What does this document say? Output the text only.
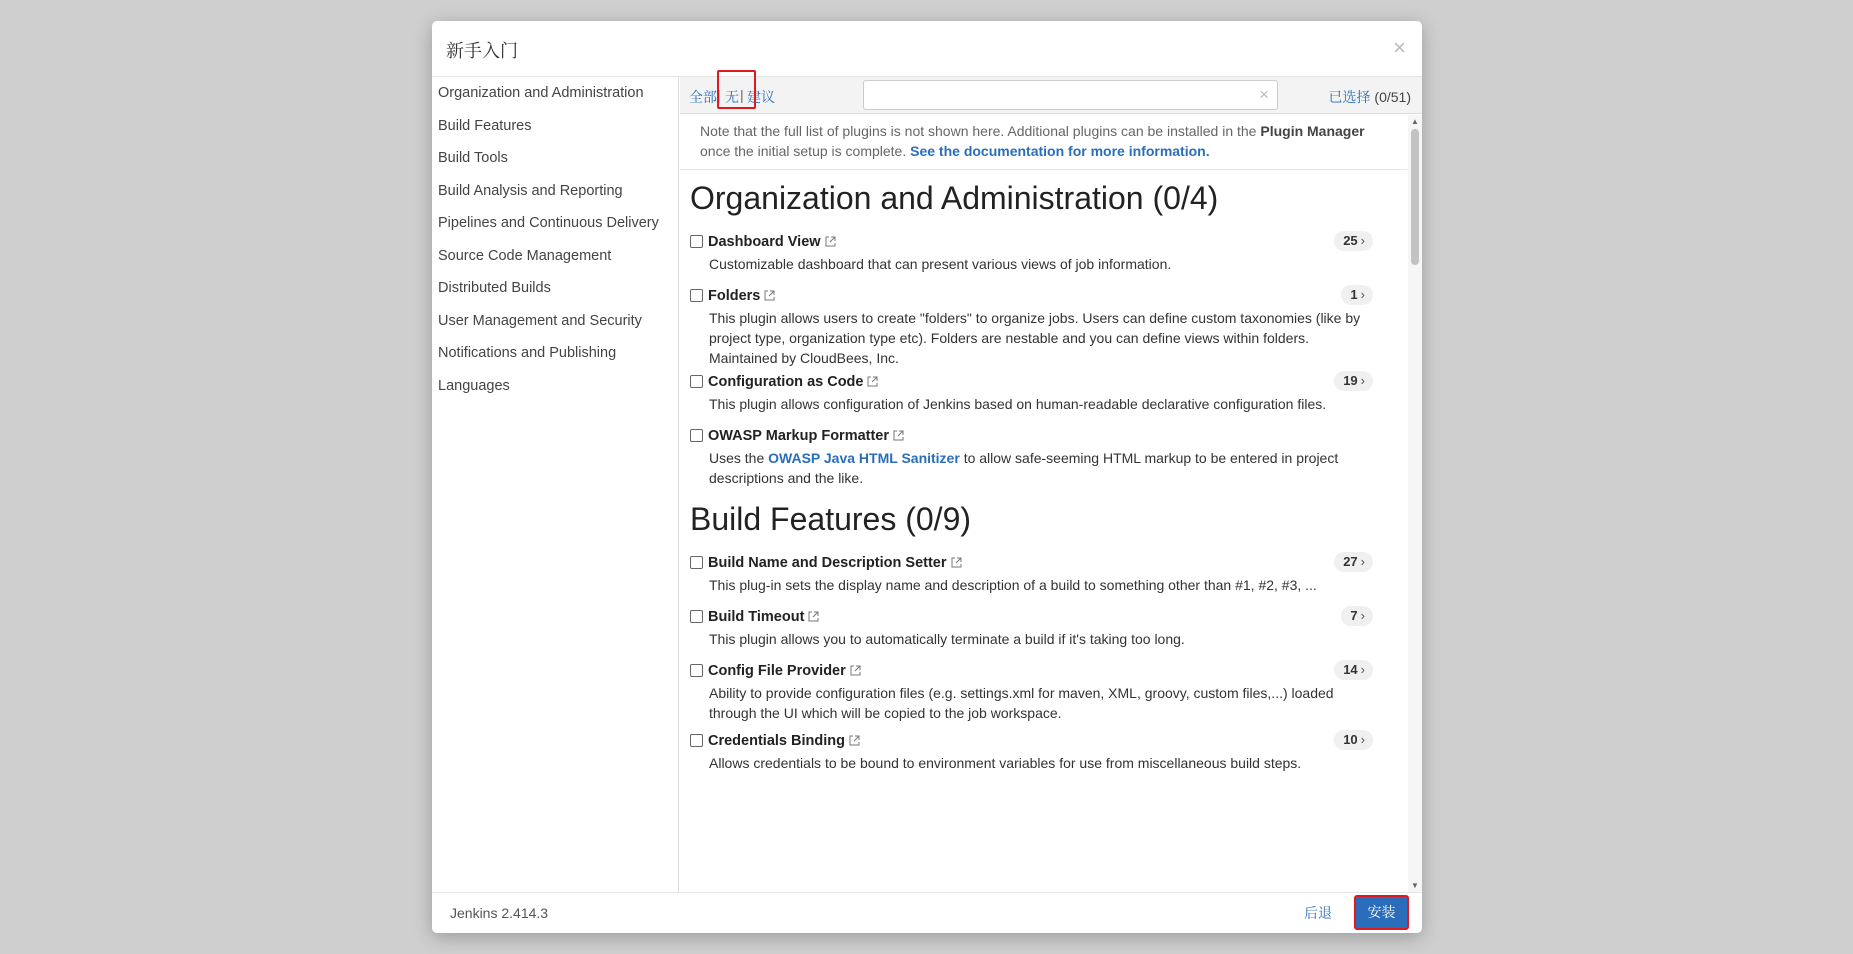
新手入门	×
Organization and Administration
Build Features
Build Tools
Build Analysis and Reporting
Pipelines and Continuous Delivery
Source Code Management
Distributed Builds
User Management and Security
Notifications and Publishing
Languages
全部 | 无 | 建议	×	已选择 (0/51)
Note that the full list of plugins is not shown here. Additional plugins can be installed in the Plugin Manager
once the initial setup is complete. See the documentation for more information.
Organization and Administration (0/4)
Dashboard View	25 ›
Customizable dashboard that can present various views of job information.
Folders	1 ›
This plugin allows users to create "folders" to organize jobs. Users can define custom taxonomies (like by project type, organization type etc). Folders are nestable and you can define views within folders. Maintained by CloudBees, Inc.
Configuration as Code	19 ›
This plugin allows configuration of Jenkins based on human-readable declarative configuration files.
OWASP Markup Formatter
Uses the OWASP Java HTML Sanitizer to allow safe-seeming HTML markup to be entered in project descriptions and the like.
Build Features (0/9)
Build Name and Description Setter	27 ›
This plug-in sets the display name and description of a build to something other than #1, #2, #3, ...
Build Timeout	7 ›
This plugin allows you to automatically terminate a build if it's taking too long.
Config File Provider	14 ›
Ability to provide configuration files (e.g. settings.xml for maven, XML, groovy, custom files,...) loaded through the UI which will be copied to the job workspace.
Credentials Binding	10 ›
Allows credentials to be bound to environment variables for use from miscellaneous build steps.
▲
▼
Jenkins 2.414.3	后退	安装
